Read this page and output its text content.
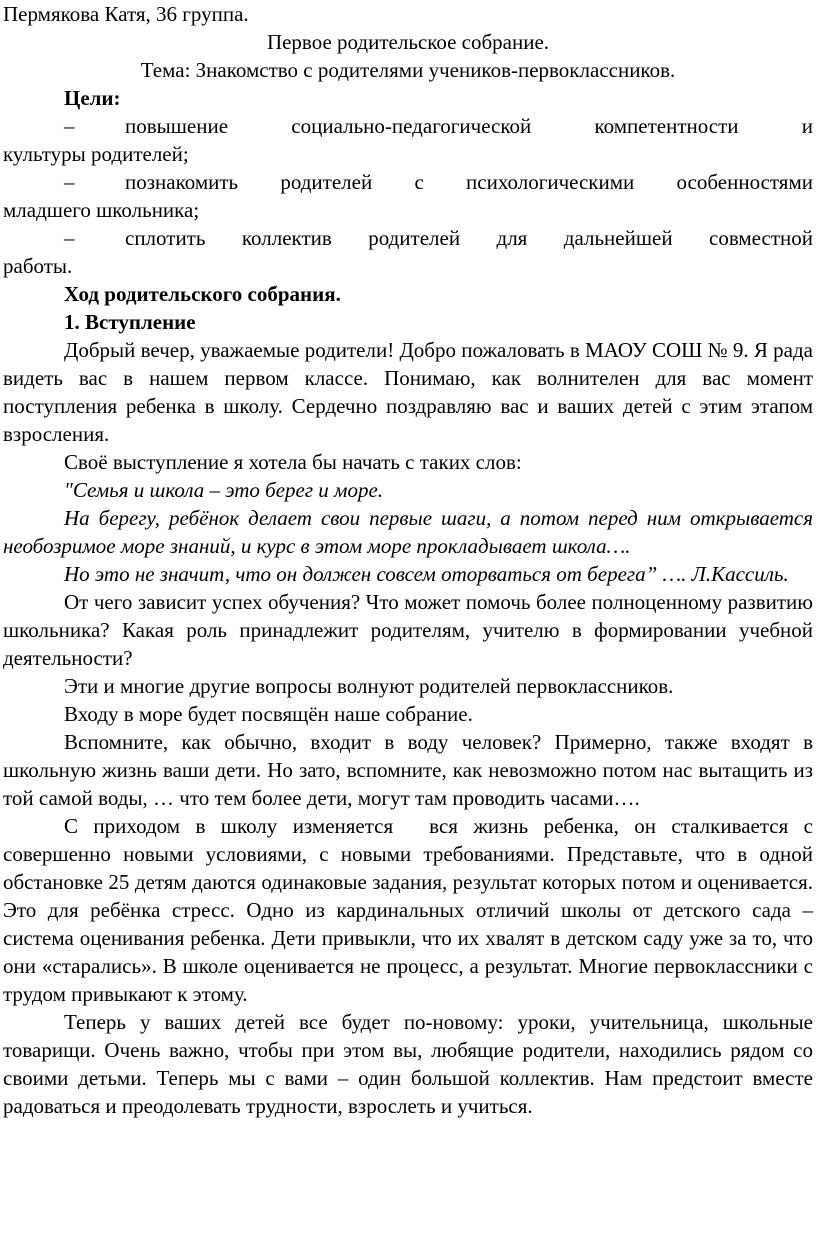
Пермякова Катя, 36 группа.

Первое родительское собрание.

Тема: Знакомство с родителями учеников-первоклассников.

Цели:

– повышение социально-педагогической компетентности и

культуры родителей;

– познакомить родителей с психологическими особенностями

младшего школьника;

– сплотить коллектив родителей для дальнейшей совместной

работы.

Ход родительского собрания.

1. Вступление

Добрый вечер, уважаемые родители! Добро пожаловать в МАОУ СОШ № 9. Я рада видеть вас в нашем первом классе. Понимаю, как волнителен для вас момент поступления ребенка в школу. Сердечно поздравляю вас и ваших детей с этим этапом взросления.

Своё выступление я хотела бы начать с таких слов:

"Семья и школа – это берег и море.

На берегу, ребёнок делает свои первые шаги, а потом перед ним открывается необозримое море знаний, и курс в этом море прокладывает школа….

Но это не значит, что он должен совсем оторваться от берега” …. Л.Кассиль.

От чего зависит успех обучения? Что может помочь более полноценному развитию школьника? Какая роль принадлежит родителям, учителю в формировании учебной деятельности?

Эти и многие другие вопросы волнуют родителей первоклассников.

Входу в море будет посвящён наше собрание.

Вспомните, как обычно, входит в воду человек? Примерно, также входят в школьную жизнь ваши дети. Но зато, вспомните, как невозможно потом нас вытащить из той самой воды, … что тем более дети, могут там проводить часами….

С приходом в школу изменяется вся жизнь ребенка, он сталкивается с совершенно новыми условиями, с новыми требованиями. Представьте, что в одной обстановке 25 детям даются одинаковые задания, результат которых потом и оценивается. Это для ребёнка стресс. Одно из кардинальных отличий школы от детского сада – система оценивания ребенка. Дети привыкли, что их хвалят в детском саду уже за то, что они «старались». В школе оценивается не процесс, а результат. Многие первоклассники с трудом привыкают к этому.

Теперь у ваших детей все будет по-новому: уроки, учительница, школьные товарищи. Очень важно, чтобы при этом вы, любящие родители, находились рядом со своими детьми. Теперь мы с вами – один большой коллектив. Нам предстоит вместе радоваться и преодолевать трудности, взрослеть и учиться.
